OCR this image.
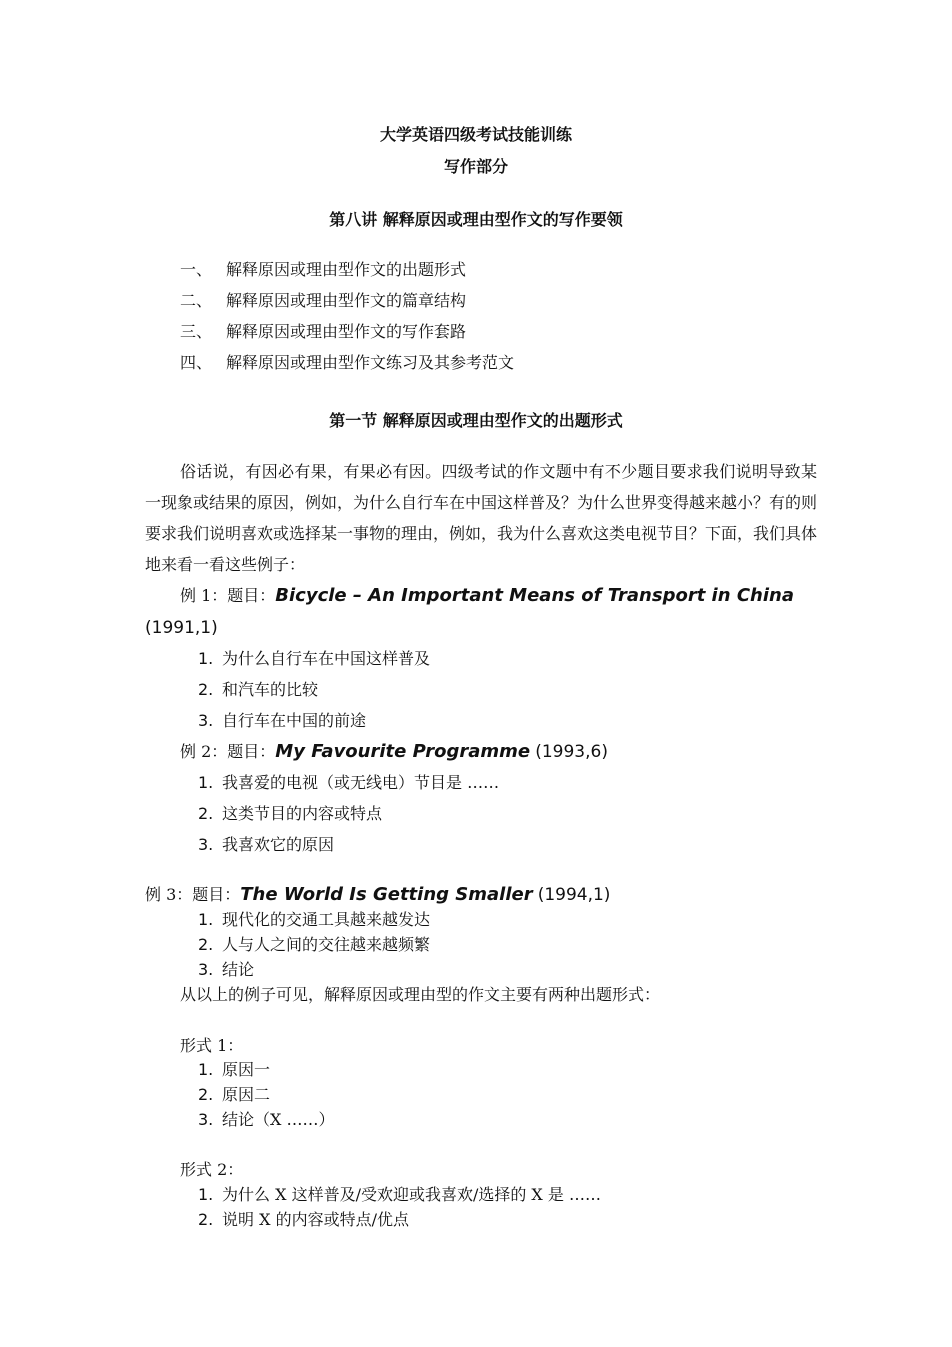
大学英语四级考试技能训练
写作部分
第八讲 解释原因或理由型作文的写作要领
一、 解释原因或理由型作文的出题形式
二、 解释原因或理由型作文的篇章结构
三、 解释原因或理由型作文的写作套路
四、 解释原因或理由型作文练习及其参考范文
第一节 解释原因或理由型作文的出题形式
俗话说，有因必有果，有果必有因。四级考试的作文题中有不少题目要求我们说明导致某一现象或结果的原因，例如，为什么自行车在中国这样普及？为什么世界变得越来越小？有的则要求我们说明喜欢或选择某一事物的理由，例如，我为什么喜欢这类电视节目？下面，我们具体地来看一看这些例子：
例 1：题目：Bicycle – An Important Means of Transport in China
(1991,1)
1. 为什么自行车在中国这样普及
2. 和汽车的比较
3. 自行车在中国的前途
例 2：题目：My Favourite Programme (1993,6)
1. 我喜爱的电视（或无线电）节目是 ……
2. 这类节目的内容或特点
3. 我喜欢它的原因
例 3：题目：The World Is Getting Smaller (1994,1)
1. 现代化的交通工具越来越发达
2. 人与人之间的交往越来越频繁
3. 结论
从以上的例子可见，解释原因或理由型的作文主要有两种出题形式：
形式 1：
1. 原因一
2. 原因二
3. 结论（X ……）
形式 2：
1. 为什么 X 这样普及/受欢迎或我喜欢/选择的 X 是 ……
2. 说明 X 的内容或特点/优点
